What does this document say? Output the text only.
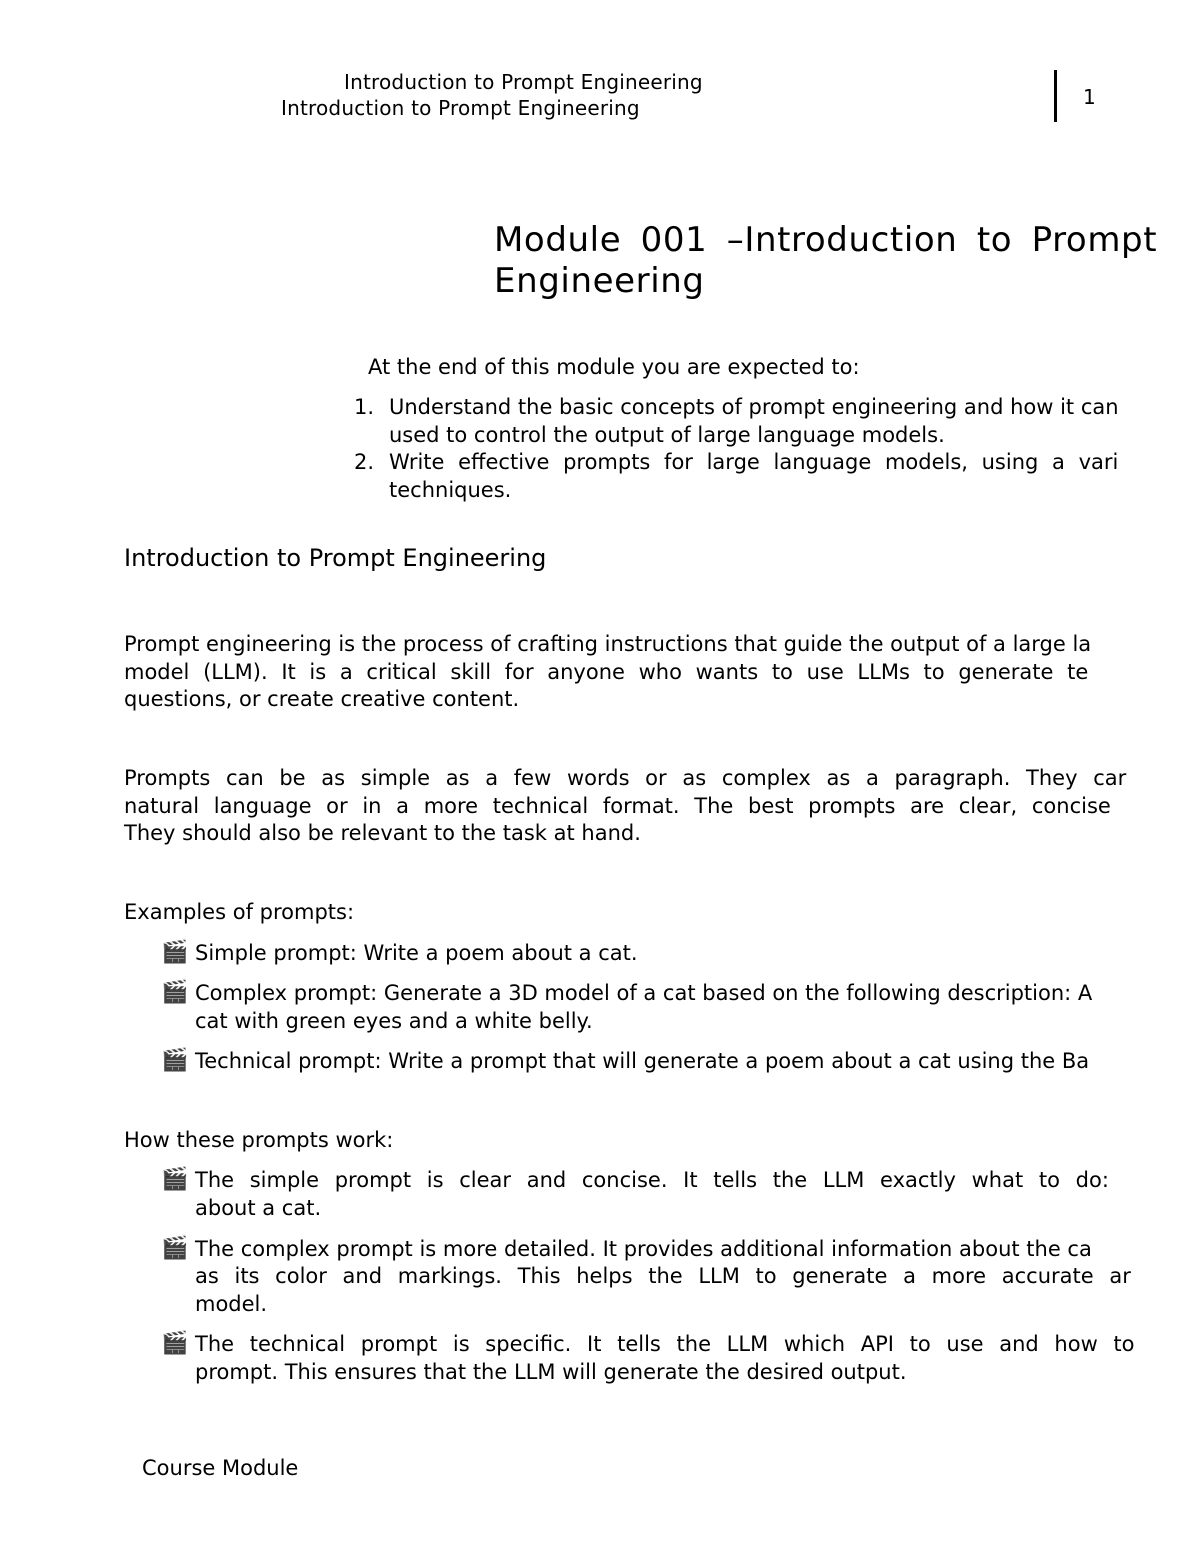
Introduction to Prompt Engineering
Introduction to Prompt Engineering	1
Module 001 –Introduction to Prompt
Engineering
At the end of this module you are expected to:
1. Understand the basic concepts of prompt engineering and how it can
used to control the output of large language models.
2. Write effective prompts for large language models, using a vari
techniques.
Introduction to Prompt Engineering
Prompt engineering is the process of crafting instructions that guide the output of a large la
model (LLM). It is a critical skill for anyone who wants to use LLMs to generate te
questions, or create creative content.
Prompts can be as simple as a few words or as complex as a paragraph. They car
natural language or in a more technical format. The best prompts are clear, concise
They should also be relevant to the task at hand.
Examples of prompts:
🎬 Simple prompt: Write a poem about a cat.
🎬 Complex prompt: Generate a 3D model of a cat based on the following description: A
cat with green eyes and a white belly.
🎬 Technical prompt: Write a prompt that will generate a poem about a cat using the Ba
How these prompts work:
🎬 The simple prompt is clear and concise. It tells the LLM exactly what to do:
about a cat.
🎬 The complex prompt is more detailed. It provides additional information about the ca
as its color and markings. This helps the LLM to generate a more accurate ar
model.
🎬 The technical prompt is specific. It tells the LLM which API to use and how to
prompt. This ensures that the LLM will generate the desired output.
Course Module
